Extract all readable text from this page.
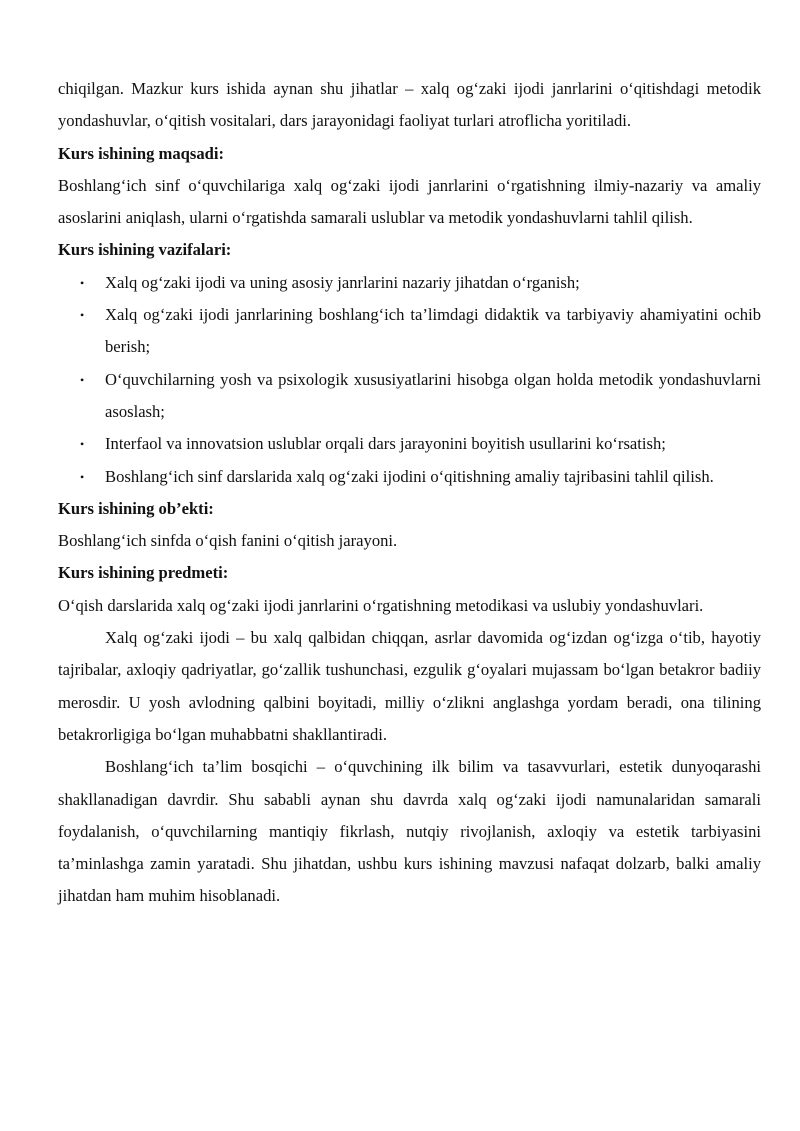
chiqilgan. Mazkur kurs ishida aynan shu jihatlar – xalq og‘zaki ijodi janrlarini o‘qitishdagi metodik yondashuvlar, o‘qitish vositalari, dars jarayonidagi faoliyat turlari atroflicha yoritiladi.

Kurs ishining maqsadi:

Boshlang‘ich sinf o‘quvchilariga xalq og‘zaki ijodi janrlarini o‘rgatishning ilmiy-nazariy va amaliy asoslarini aniqlash, ularni o‘rgatishda samarali uslublar va metodik yondashuvlarni tahlil qilish.

Kurs ishining vazifalari:

• Xalq og‘zaki ijodi va uning asosiy janrlarini nazariy jihatdan o‘rganish;
• Xalq og‘zaki ijodi janrlarining boshlang‘ich ta’limdagi didaktik va tarbiyaviy ahamiyatini ochib berish;
• O‘quvchilarning yosh va psixologik xususiyatlarini hisobga olgan holda metodik yondashuvlarni asoslash;
• Interfaol va innovatsion uslublar orqali dars jarayonini boyitish usullarini ko‘rsatish;
• Boshlang‘ich sinf darslarida xalq og‘zaki ijodini o‘qitishning amaliy tajribasini tahlil qilish.

Kurs ishining ob’ekti:

Boshlang‘ich sinfda o‘qish fanini o‘qitish jarayoni.

Kurs ishining predmeti:

O‘qish darslarida xalq og‘zaki ijodi janrlarini o‘rgatishning metodikasi va uslubiy yondashuvlari.

Xalq og‘zaki ijodi – bu xalq qalbidan chiqqan, asrlar davomida og‘izdan og‘izga o‘tib, hayotiy tajribalar, axloqiy qadriyatlar, go‘zallik tushunchasi, ezgulik g‘oyalari mujassam bo‘lgan betakror badiiy merosdir. U yosh avlodning qalbini boyitadi, milliy o‘zlikni anglashga yordam beradi, ona tilining betakrorligiga bo‘lgan muhabbatni shakllantiradi.

Boshlang‘ich ta’lim bosqichi – o‘quvchining ilk bilim va tasavvurlari, estetik dunyoqarashi shakllanadigan davrdir. Shu sababli aynan shu davrda xalq og‘zaki ijodi namunalaridan samarali foydalanish, o‘quvchilarning mantiqiy fikrlash, nutqiy rivojlanish, axloqiy va estetik tarbiyasini ta’minlashga zamin yaratadi. Shu jihatdan, ushbu kurs ishining mavzusi nafaqat dolzarb, balki amaliy jihatdan ham muhim hisoblanadi.
